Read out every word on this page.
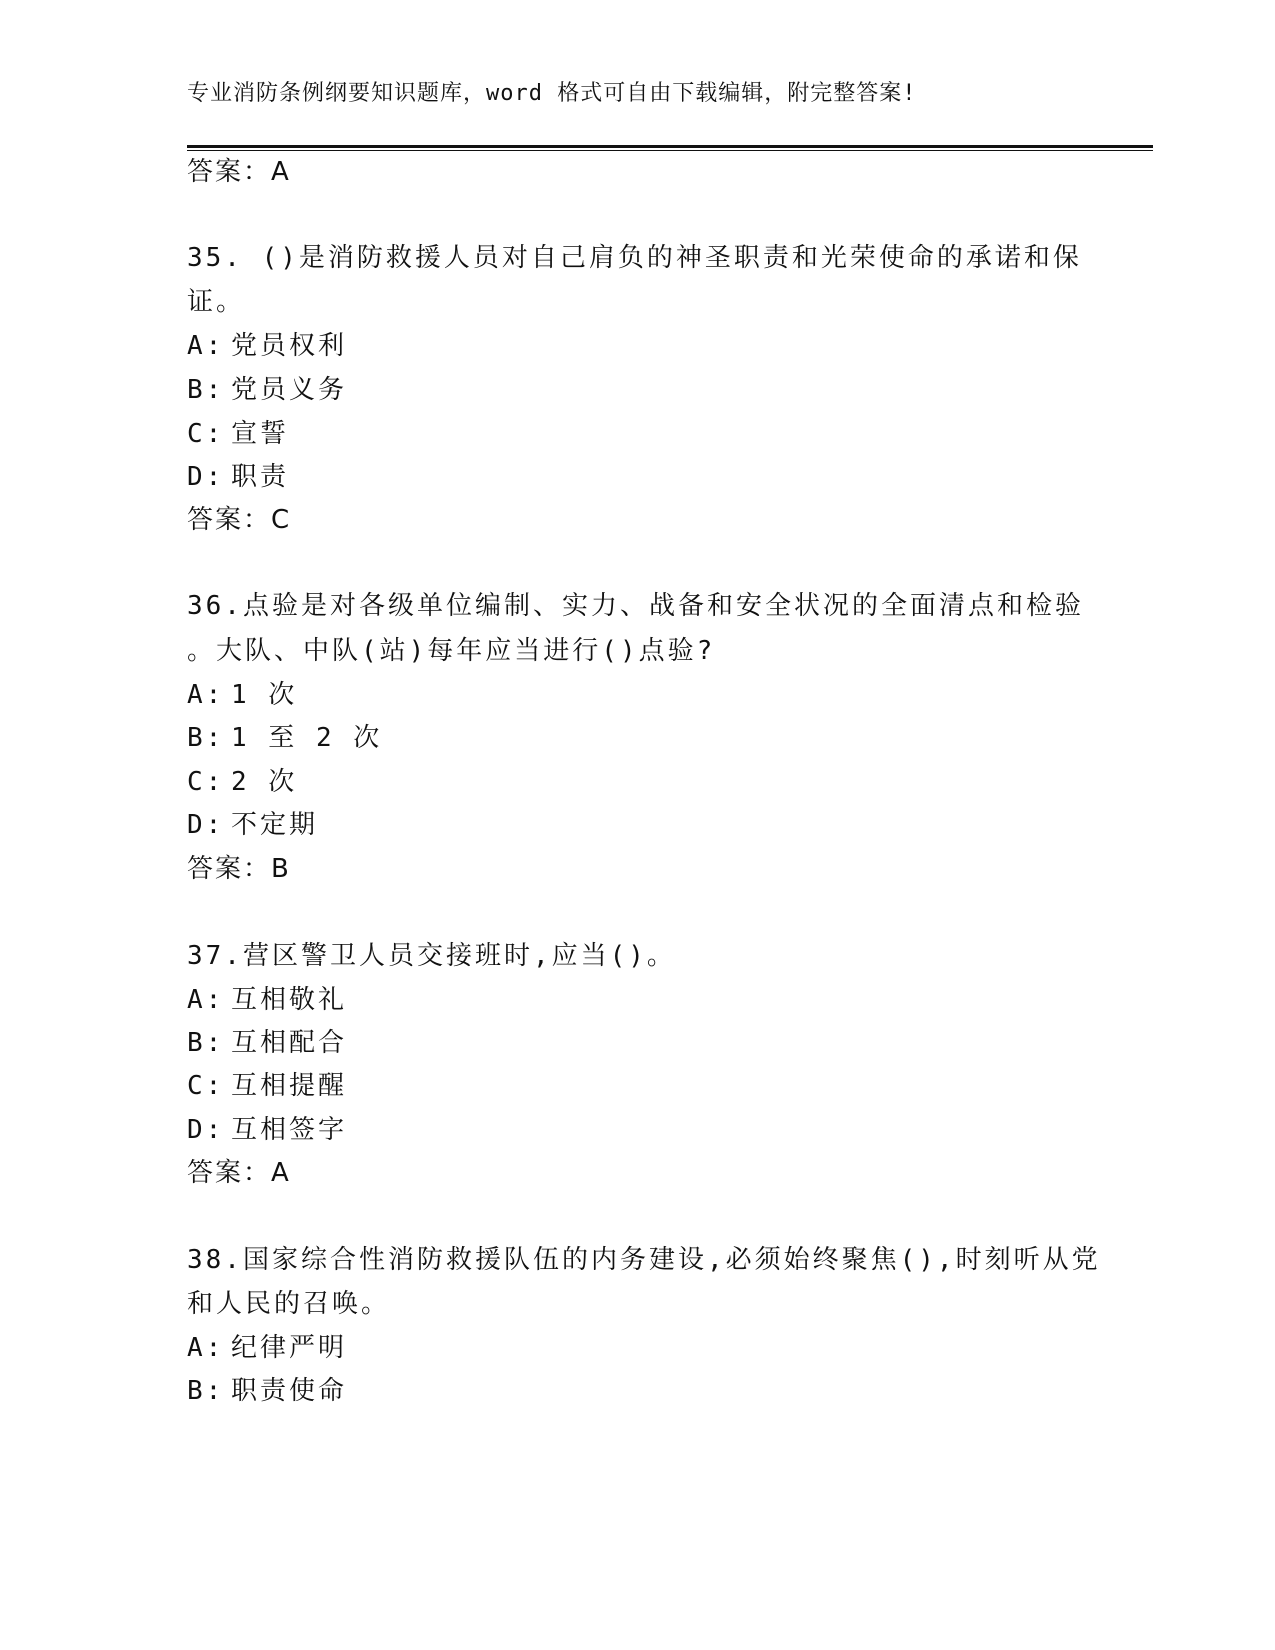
专业消防条例纲要知识题库，word 格式可自由下载编辑，附完整答案!
答案：A
35. ()是消防救援人员对自己肩负的神圣职责和光荣使命的承诺和保
证。
A: 党员权利
B: 党员义务
C: 宣誓
D: 职责
答案：C
36.点验是对各级单位编制、实力、战备和安全状况的全面清点和检验
。大队、中队(站)每年应当进行()点验?
A: 1 次
B: 1 至 2 次
C: 2 次
D: 不定期
答案：B
37.营区警卫人员交接班时,应当()。
A: 互相敬礼
B: 互相配合
C: 互相提醒
D: 互相签字
答案：A
38.国家综合性消防救援队伍的内务建设,必须始终聚焦(),时刻听从党
和人民的召唤。
A: 纪律严明
B: 职责使命
